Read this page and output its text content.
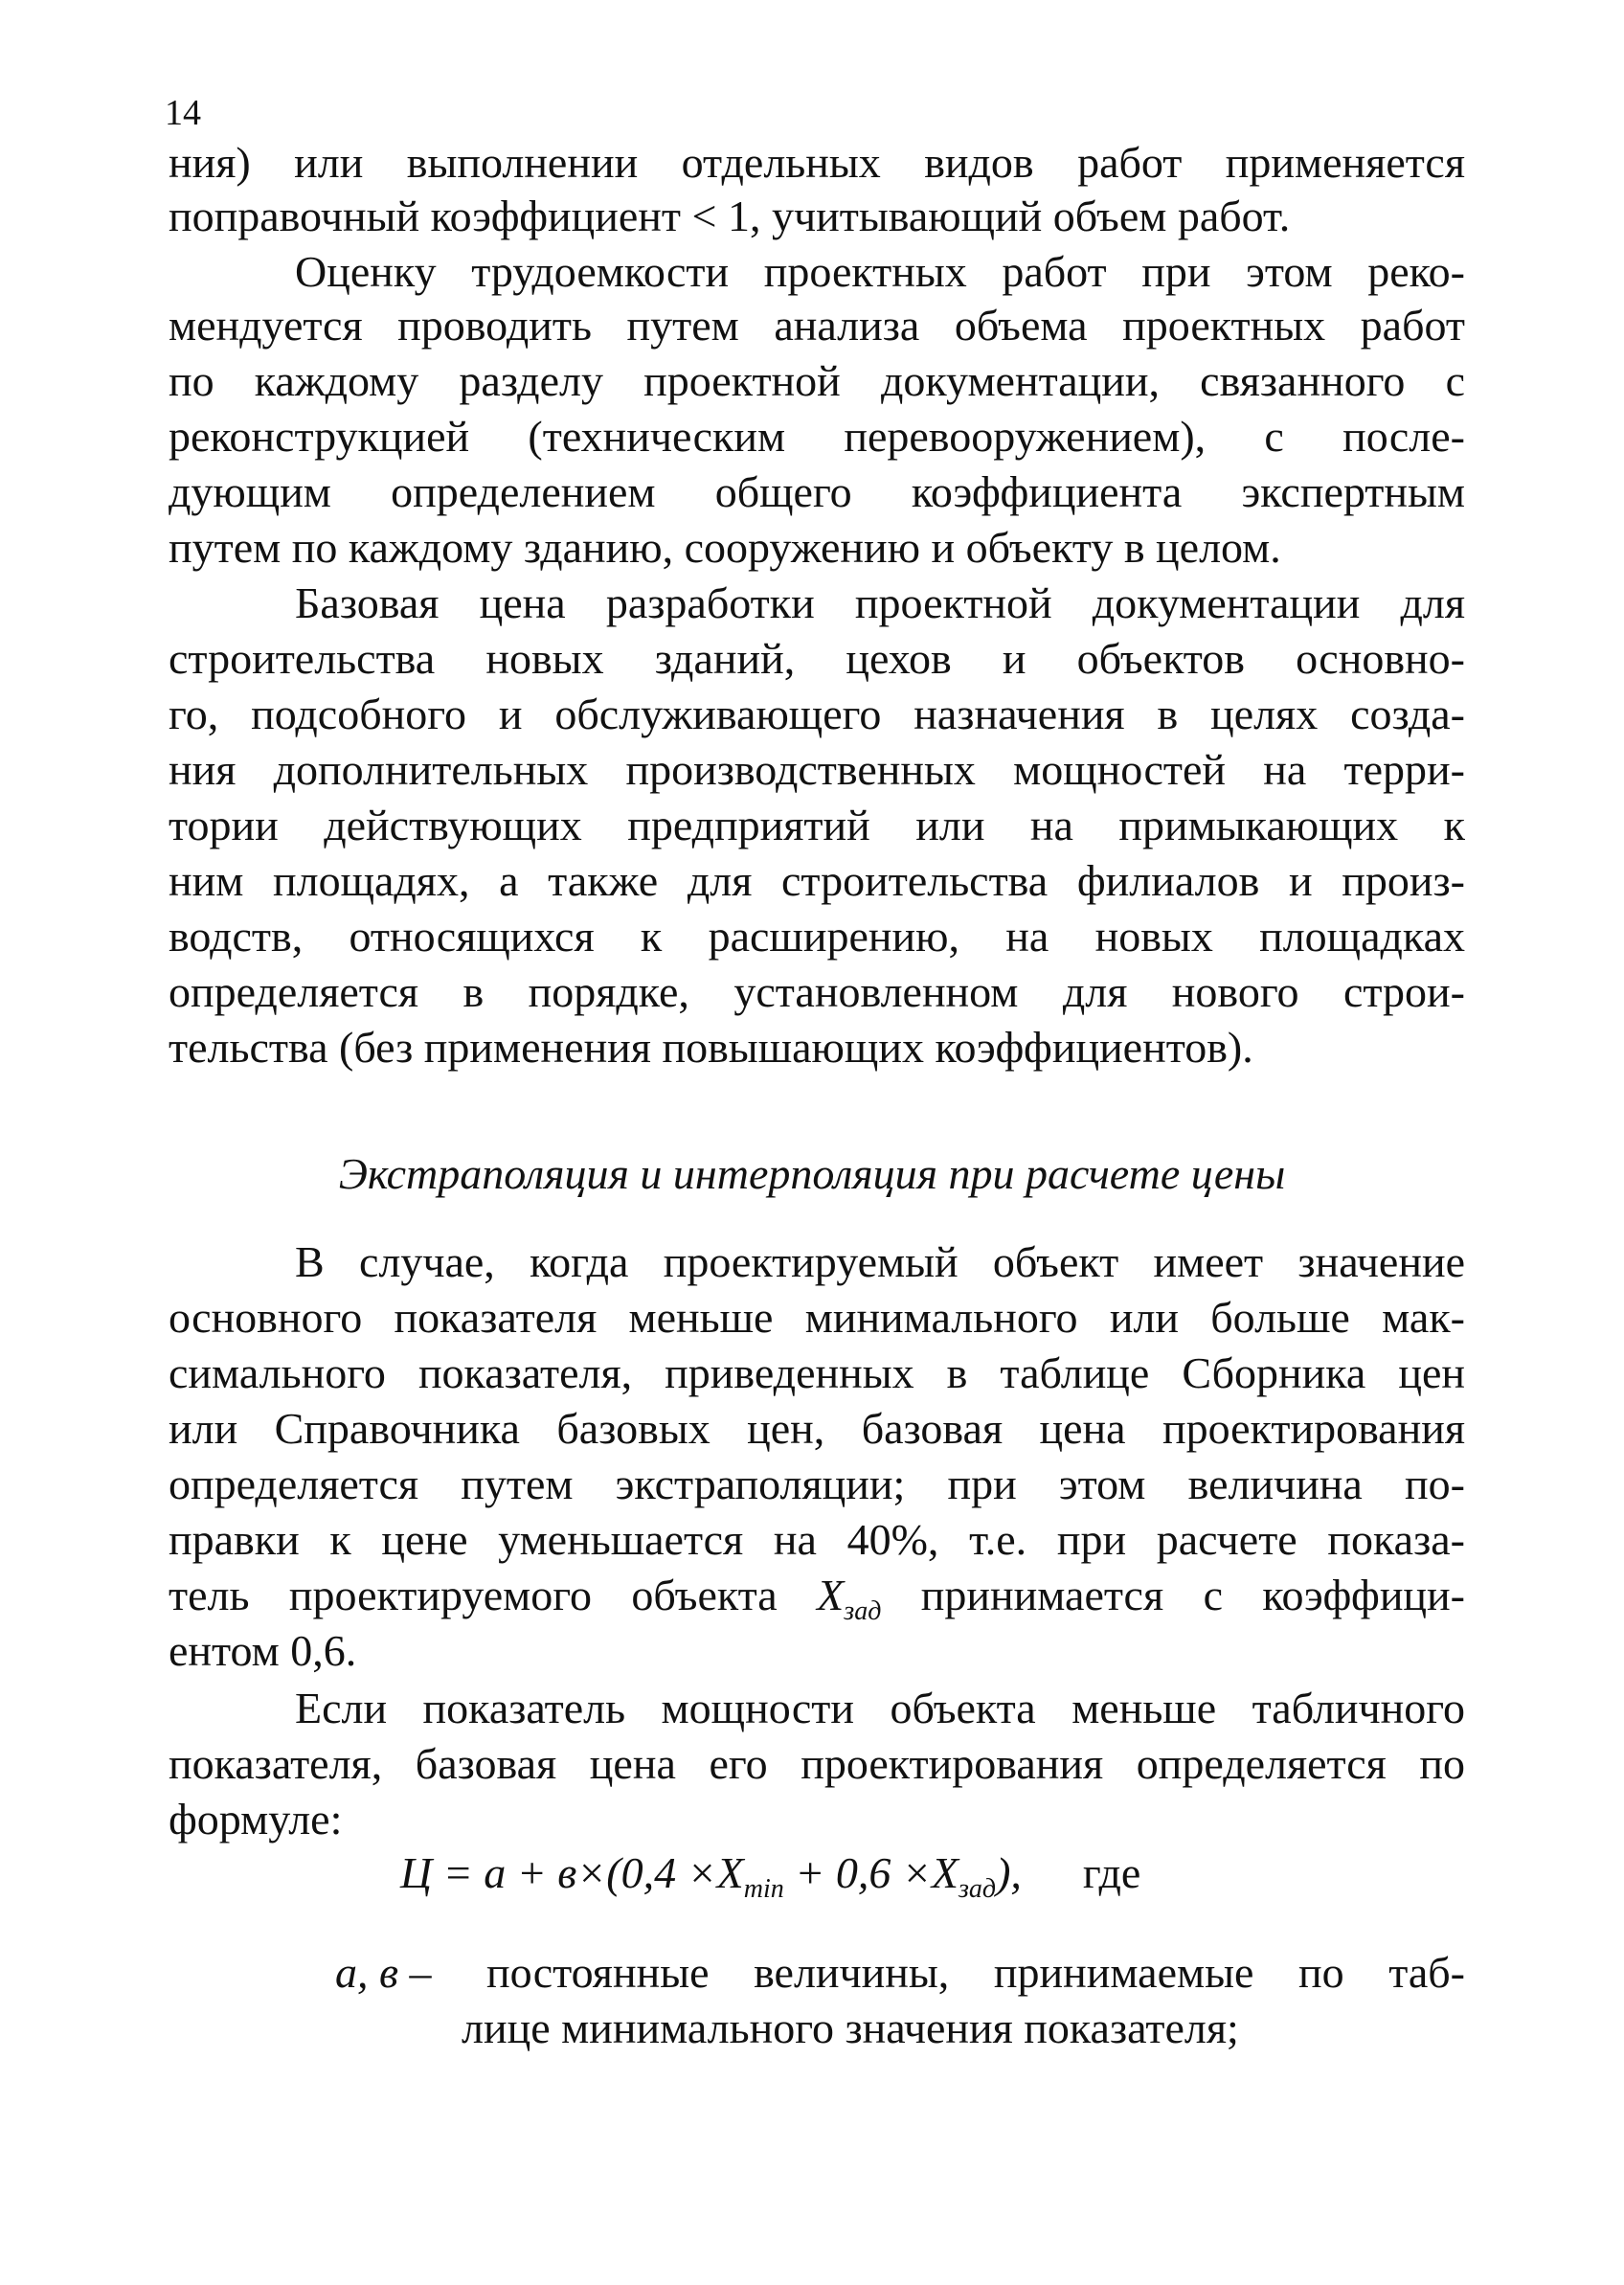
14
ния) или выполнении отдельных видов работ применяется
поправочный коэффициент < 1, учитывающий объем работ.
Оценку трудоемкости проектных работ при этом реко-
мендуется проводить путем анализа объема проектных работ
по каждому разделу проектной документации, связанного с
реконструкцией (техническим перевооружением), с после-
дующим определением общего коэффициента экспертным
путем по каждому зданию, сооружению и объекту в целом.
Базовая цена разработки проектной документации для
строительства новых зданий, цехов и объектов основно-
го, подсобного и обслуживающего назначения в целях созда-
ния дополнительных производственных мощностей на терри-
тории действующих предприятий или на примыкающих к
ним площадях, а также для строительства филиалов и произ-
водств, относящихся к расширению, на новых площадках
определяется в порядке, установленном для нового строи-
тельства (без применения повышающих коэффициентов).
Экстраполяция и интерполяция при расчете цены
В случае, когда проектируемый объект имеет значение
основного показателя меньше минимального или больше мак-
симального показателя, приведенных в таблице Сборника цен
или Справочника базовых цен, базовая цена проектирования
определяется путем экстраполяции; при этом величина по-
правки к цене уменьшается на 40%, т.е. при расчете показа-
тель проектируемого объекта $X_{зад}$ принимается с коэффици-
ентом 0,6.
Если показатель мощности объекта меньше табличного
показателя, базовая цена его проектирования определяется по
формуле:
$Ц = а + в\times(0,4 \times X_{min} + 0,6 \times X_{зад})$, где
а, в – постоянные величины, принимаемые по таб-
лице минимального значения показателя;
